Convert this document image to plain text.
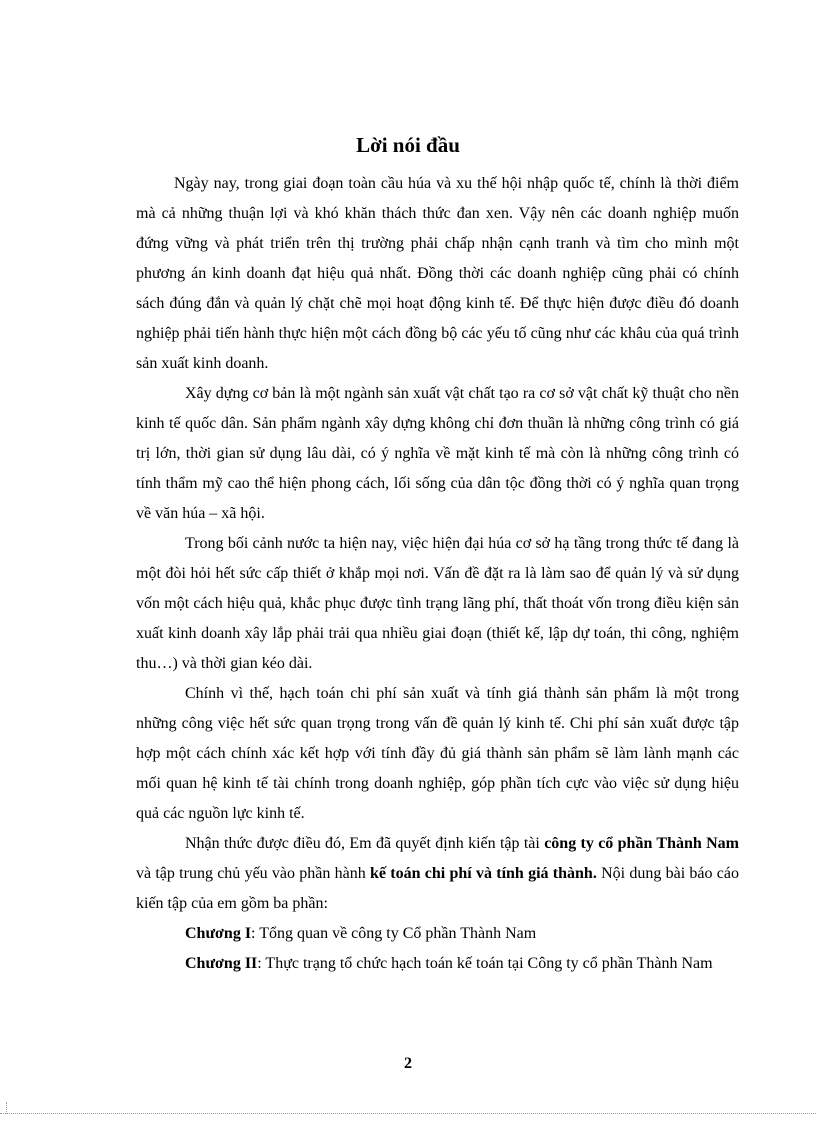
Lời nói đầu

Ngày nay, trong giai đoạn toàn cầu húa và xu thế hội nhập quốc tế, chính là thời điểm mà cả những thuận lợi và khó khăn thách thức đan xen. Vậy nên các doanh nghiệp muốn đứng vững và phát triển trên thị trường phải chấp nhận cạnh tranh và tìm cho mình một phương án kinh doanh đạt hiệu quả nhất. Đồng thời các doanh nghiệp cũng phải có chính sách đúng đắn và quản lý chặt chẽ mọi hoạt động kinh tế. Để thực hiện được điều đó doanh nghiệp phải tiến hành thực hiện một cách đồng bộ các yếu tố cũng như các khâu của quá trình sản xuất kinh doanh.

Xây dựng cơ bản là một ngành sản xuất vật chất tạo ra cơ sở vật chất kỹ thuật cho nền kinh tế quốc dân. Sản phẩm ngành xây dựng không chỉ đơn thuần là những công trình có giá trị lớn, thời gian sử dụng lâu dài, có ý nghĩa về mặt kinh tế mà còn là những công trình có tính thẩm mỹ cao thể hiện phong cách, lối sống của dân tộc đồng thời có ý nghĩa quan trọng về văn húa – xã hội.

Trong bối cảnh nước ta hiện nay, việc hiện đại húa cơ sở hạ tầng trong thức tế đang là một đòi hỏi hết sức cấp thiết ở khắp mọi nơi. Vấn đề đặt ra là làm sao để quản lý và sử dụng vốn một cách hiệu quả, khắc phục được tình trạng lãng phí, thất thoát vốn trong điều kiện sản xuất kinh doanh xây lắp phải trải qua nhiều giai đoạn (thiết kế, lập dự toán, thi công, nghiệm thu…) và thời gian kéo dài.

Chính vì thế, hạch toán chi phí sản xuất và tính giá thành sản phẩm là một trong những công việc hết sức quan trọng trong vấn đề quản lý kinh tế. Chi phí sản xuất được tập hợp một cách chính xác kết hợp với tính đầy đủ giá thành sản phẩm sẽ làm lành mạnh các mối quan hệ kinh tế tài chính trong doanh nghiệp, góp phần tích cực vào việc sử dụng hiệu quả các nguồn lực kinh tế.

Nhận thức được điều đó, Em đã quyết định kiến tập tài công ty cổ phần Thành Nam và tập trung chủ yếu vào phần hành kế toán chi phí và tính giá thành. Nội dung bài báo cáo kiến tập của em gồm ba phần:

Chương I: Tổng quan về công ty Cổ phần Thành Nam

Chương II: Thực trạng tổ chức hạch toán kế toán tại Công ty cổ phần Thành Nam

2
